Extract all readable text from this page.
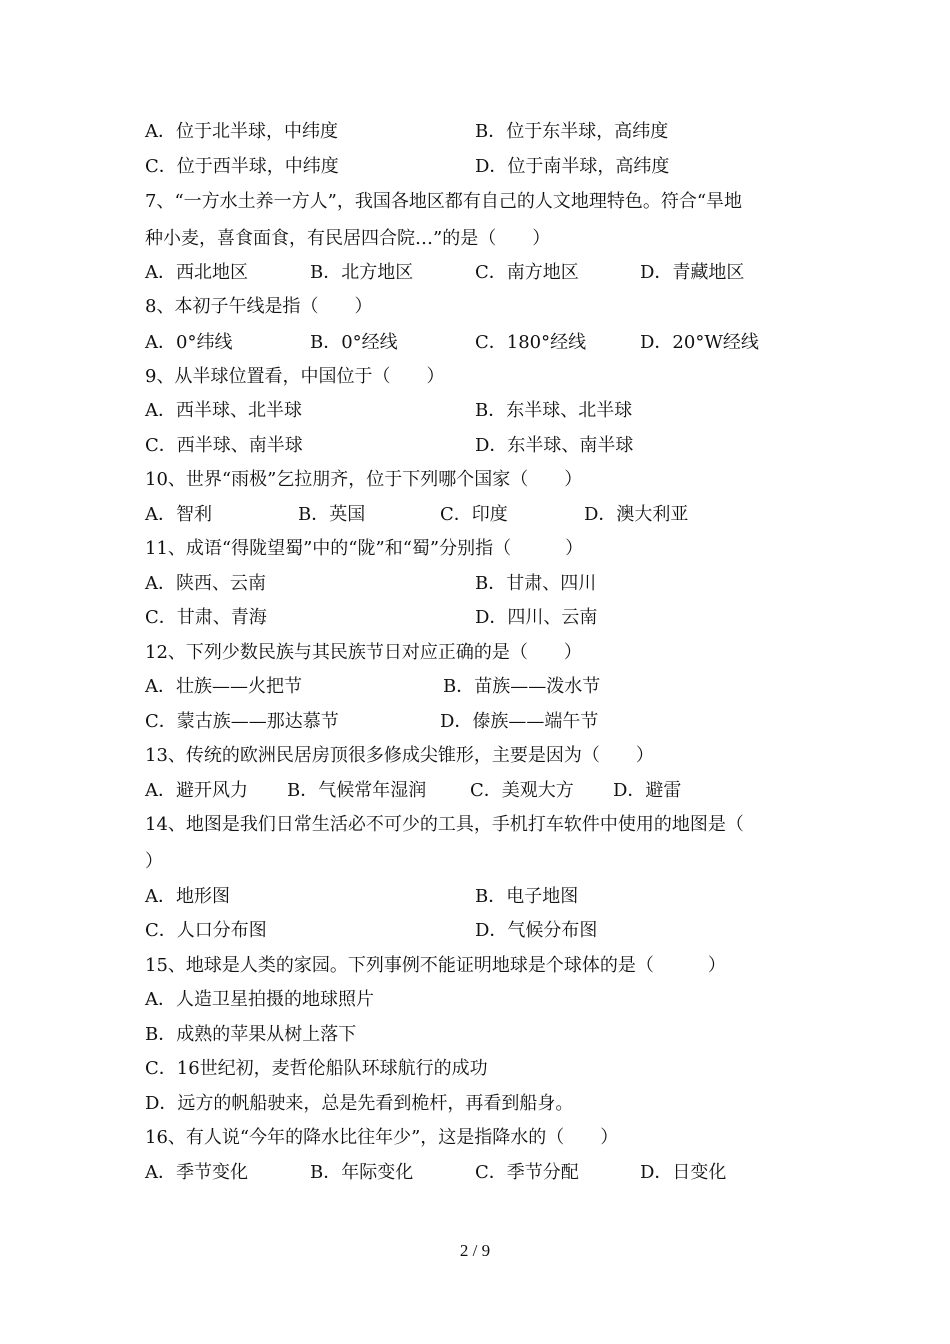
A．位于北半球，中纬度	B．位于东半球，高纬度
C．位于西半球，中纬度	D．位于南半球，高纬度
7、“一方水土养一方人”，我国各地区都有自己的人文地理特色。符合“旱地
种小麦，喜食面食，有民居四合院…”的是（　　）
A．西北地区	B．北方地区	C．南方地区	D．青藏地区
8、本初子午线是指（　　）
A．0°纬线	B．0°经线	C．180°经线	D．20°W经线
9、从半球位置看，中国位于（　　）
A．西半球、北半球	B．东半球、北半球
C．西半球、南半球	D．东半球、南半球
10、世界“雨极”乞拉朋齐，位于下列哪个国家（　　）
A．智利	B．英国	C．印度	D．澳大利亚
11、成语“得陇望蜀”中的“陇”和“蜀”分别指（　　　）
A．陕西、云南	B．甘肃、四川
C．甘肃、青海	D．四川、云南
12、下列少数民族与其民族节日对应正确的是（　　）
A．壮族——火把节	B．苗族——泼水节
C．蒙古族——那达慕节	D．傣族——端午节
13、传统的欧洲民居房顶很多修成尖锥形，主要是因为（　　）
A．避开风力 B．气候常年湿润 C．美观大方 D．避雷
14、地图是我们日常生活必不可少的工具，手机打车软件中使用的地图是（
）
A．地形图	B．电子地图
C．人口分布图	D．气候分布图
15、地球是人类的家园。下列事例不能证明地球是个球体的是（　　　）
A．人造卫星拍摄的地球照片
B．成熟的苹果从树上落下
C．16世纪初，麦哲伦船队环球航行的成功
D．远方的帆船驶来，总是先看到桅杆，再看到船身。
16、有人说“今年的降水比往年少”，这是指降水的（　　）
A．季节变化	B．年际变化	C．季节分配	D．日变化
2 / 9
